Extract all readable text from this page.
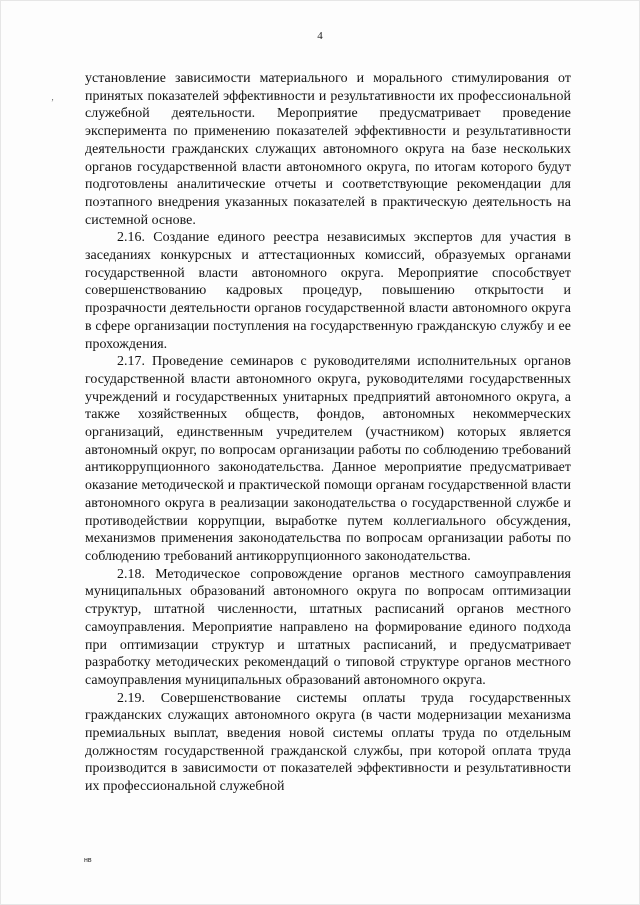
4
‚

установление зависимости материального и морального стимулирования от принятых показателей эффективности и результативности их профессиональной служебной деятельности. Мероприятие предусматривает проведение эксперимента по применению показателей эффективности и результативности деятельности гражданских служащих автономного округа на базе нескольких органов государственной власти автономного округа, по итогам которого будут подготовлены аналитические отчеты и соответствующие рекомендации для поэтапного внедрения указанных показателей в практическую деятельность на системной основе.

2.16. Создание единого реестра независимых экспертов для участия в заседаниях конкурсных и аттестационных комиссий, образуемых органами государственной власти автономного округа. Мероприятие способствует совершенствованию кадровых процедур, повышению открытости и прозрачности деятельности органов государственной власти автономного округа в сфере организации поступления на государственную гражданскую службу и ее прохождения.

2.17. Проведение семинаров с руководителями исполнительных органов государственной власти автономного округа, руководителями государственных учреждений и государственных унитарных предприятий автономного округа, а также хозяйственных обществ, фондов, автономных некоммерческих организаций, единственным учредителем (участником) которых является автономный округ, по вопросам организации работы по соблюдению требований антикоррупционного законодательства. Данное мероприятие предусматривает оказание методической и практической помощи органам государственной власти автономного округа в реализации законодательства о государственной службе и противодействии коррупции, выработке путем коллегиального обсуждения, механизмов применения законодательства по вопросам организации работы по соблюдению требований антикоррупционного законодательства.

2.18. Методическое сопровождение органов местного самоуправления муниципальных образований автономного округа по вопросам оптимизации структур, штатной численности, штатных расписаний органов местного самоуправления. Мероприятие направлено на формирование единого подхода при оптимизации структур и штатных расписаний, и предусматривает разработку методических рекомендаций о типовой структуре органов местного самоуправления муниципальных образований автономного округа.

2.19. Совершенствование системы оплаты труда государственных гражданских служащих автономного округа (в части модернизации механизма премиальных выплат, введения новой системы оплаты труда по отдельным должностям государственной гражданской службы, при которой оплата труда производится в зависимости от показателей эффективности и результативности их профессиональной служебной

нв
